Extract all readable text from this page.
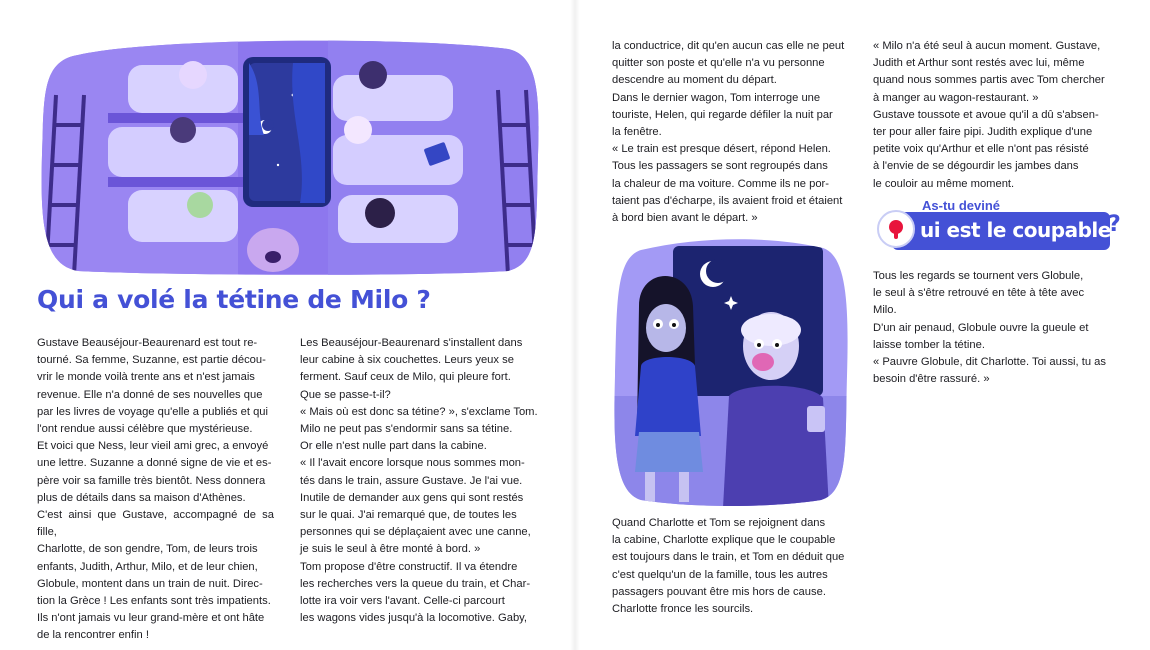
Qui a volé la tétine de Milo ?

Gustave Beauséjour-Beaurenard est tout re-

tourné. Sa femme, Suzanne, est partie décou-

vrir le monde voilà trente ans et n'est jamais

revenue. Elle n'a donné de ses nouvelles que

par les livres de voyage qu'elle a publiés et qui

l'ont rendue aussi célèbre que mystérieuse.

Et voici que Ness, leur vieil ami grec, a envoyé

une lettre. Suzanne a donné signe de vie et es-

père voir sa famille très bientôt. Ness donnera

plus de détails dans sa maison d'Athènes.

C'est ainsi que Gustave, accompagné de sa fille,

Charlotte, de son gendre, Tom, de leurs trois

enfants, Judith, Arthur, Milo, et de leur chien,

Globule, montent dans un train de nuit. Direc-

tion la Grèce ! Les enfants sont très impatients.

Ils n'ont jamais vu leur grand-mère et ont hâte

de la rencontrer enfin !

Les Beauséjour-Beaurenard s'installent dans

leur cabine à six couchettes. Leurs yeux se

ferment. Sauf ceux de Milo, qui pleure fort.

Que se passe-t-il?

« Mais où est donc sa tétine? », s'exclame Tom.

Milo ne peut pas s'endormir sans sa tétine.

Or elle n'est nulle part dans la cabine.

« Il l'avait encore lorsque nous sommes mon-

tés dans le train, assure Gustave. Je l'ai vue.

Inutile de demander aux gens qui sont restés

sur le quai. J'ai remarqué que, de toutes les

personnes qui se déplaçaient avec une canne,

je suis le seul à être monté à bord. »

Tom propose d'être constructif. Il va étendre

les recherches vers la queue du train, et Char-

lotte ira voir vers l'avant. Celle-ci parcourt

les wagons vides jusqu'à la locomotive. Gaby,

la conductrice, dit qu'en aucun cas elle ne peut

quitter son poste et qu'elle n'a vu personne

descendre au moment du départ.

Dans le dernier wagon, Tom interroge une

touriste, Helen, qui regarde défiler la nuit par

la fenêtre.

« Le train est presque désert, répond Helen.

Tous les passagers se sont regroupés dans

la chaleur de ma voiture. Comme ils ne por-

taient pas d'écharpe, ils avaient froid et étaient

à bord bien avant le départ. »

Quand Charlotte et Tom se rejoignent dans

la cabine, Charlotte explique que le coupable

est toujours dans le train, et Tom en déduit que

c'est quelqu'un de la famille, tous les autres

passagers pouvant être mis hors de cause.

Charlotte fronce les sourcils.

« Milo n'a été seul à aucun moment. Gustave,

Judith et Arthur sont restés avec lui, même

quand nous sommes partis avec Tom chercher

à manger au wagon-restaurant. »

Gustave toussote et avoue qu'il a dû s'absen-

ter pour aller faire pipi. Judith explique d'une

petite voix qu'Arthur et elle n'ont pas résisté

à l'envie de se dégourdir les jambes dans

le couloir au même moment.

Tous les regards se tournent vers Globule,

le seul à s'être retrouvé en tête à tête avec

Milo.

D'un air penaud, Globule ouvre la gueule et

laisse tomber la tétine.

« Pauvre Globule, dit Charlotte. Toi aussi, tu as

besoin d'être rassuré. »

As-tu deviné
ui est le coupable
?
